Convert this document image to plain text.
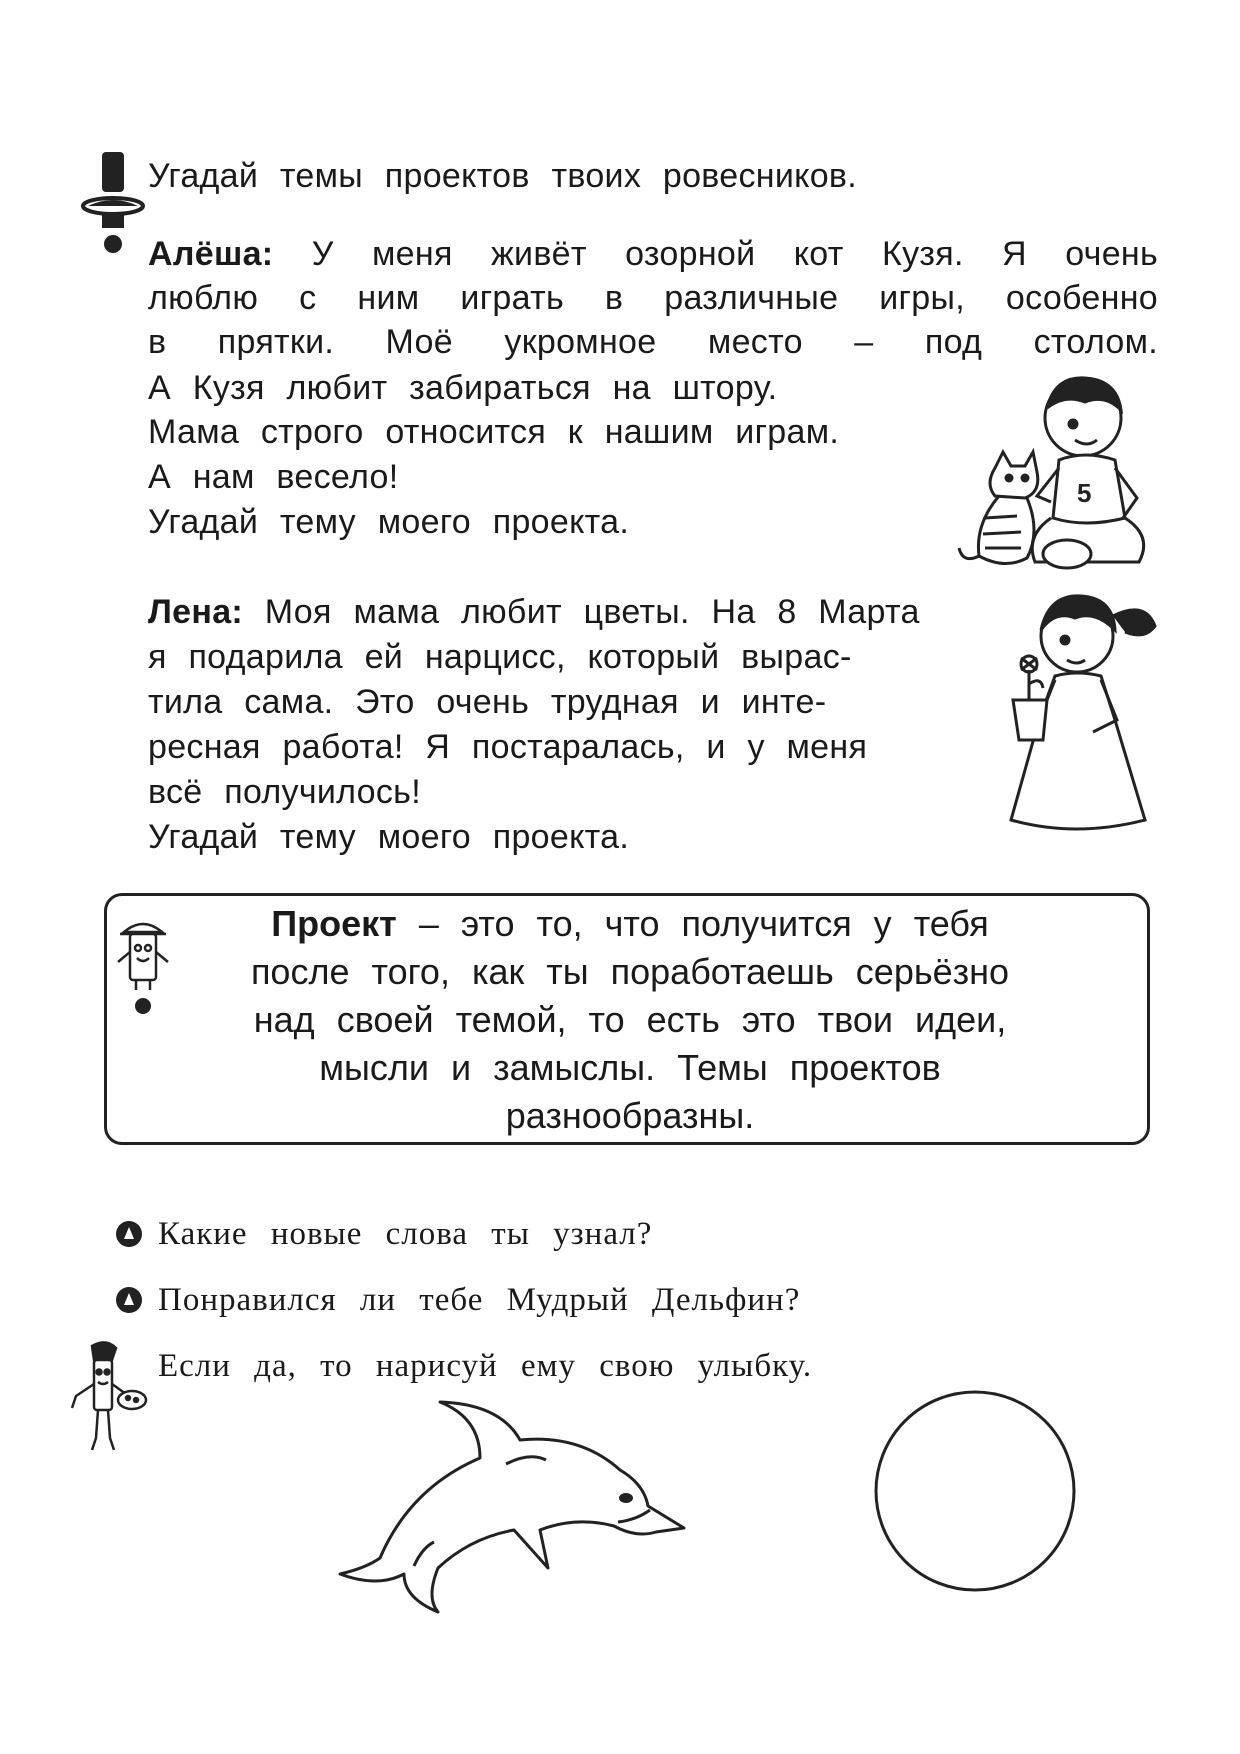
Угадай темы проектов твоих ровесников.
Алёша: У меня живёт озорной кот Кузя. Я очень
люблю с ним играть в различные игры, особенно
в прятки. Моё укромное место – под столом.
А Кузя любит забираться на штору.
Мама строго относится к нашим играм.
А нам весело!
Угадай тему моего проекта.
5
Лена: Моя мама любит цветы. На 8 Марта
я подарила ей нарцисс, который вырас-
тила сама. Это очень трудная и инте-
ресная работа! Я постаралась, и у меня
всё получилось!
Угадай тему моего проекта.
Проект – это то, что получится у тебя
после того, как ты поработаешь серьёзно
над своей темой, то есть это твои идеи,
мысли и замыслы. Темы проектов
разнообразны.
Какие новые слова ты узнал?
Понравился ли тебе Мудрый Дельфин?
Если да, то нарисуй ему свою улыбку.
